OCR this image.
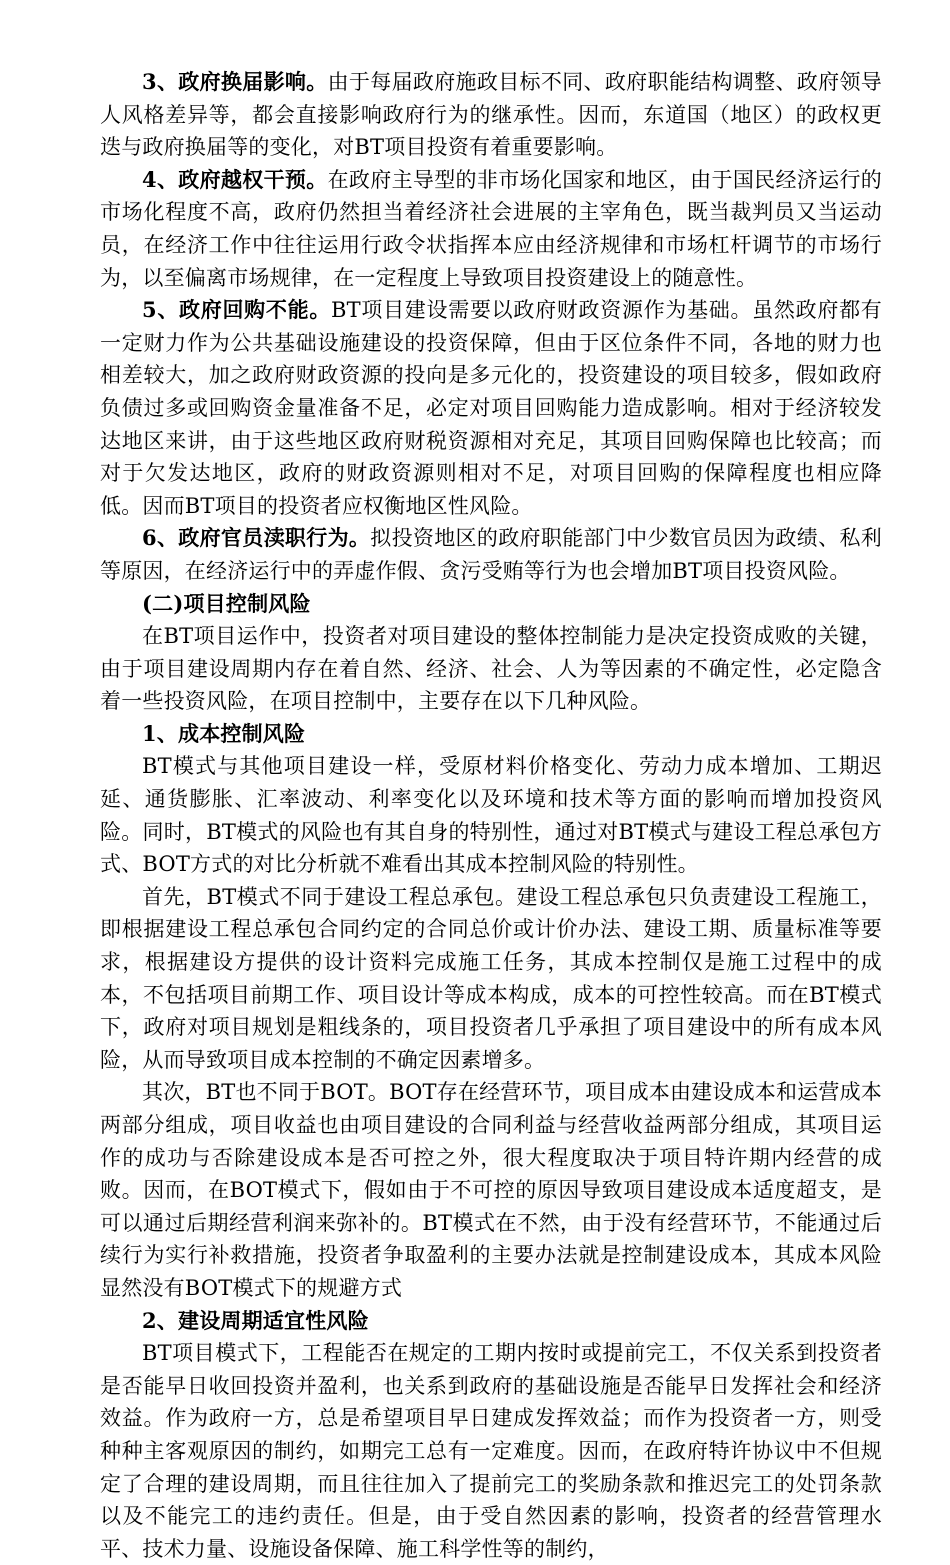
3、政府换届影响。由于每届政府施政目标不同、政府职能结构调整、政府领导人风格差异等，都会直接影响政府行为的继承性。因而，东道国（地区）的政权更迭与政府换届等的变化，对BT项目投资有着重要影响。

4、政府越权干预。在政府主导型的非市场化国家和地区，由于国民经济运行的市场化程度不高，政府仍然担当着经济社会进展的主宰角色，既当裁判员又当运动员，在经济工作中往往运用行政令状指挥本应由经济规律和市场杠杆调节的市场行为，以至偏离市场规律，在一定程度上导致项目投资建设上的随意性。

5、政府回购不能。BT项目建设需要以政府财政资源作为基础。虽然政府都有一定财力作为公共基础设施建设的投资保障，但由于区位条件不同，各地的财力也相差较大，加之政府财政资源的投向是多元化的，投资建设的项目较多，假如政府负债过多或回购资金量准备不足，必定对项目回购能力造成影响。相对于经济较发达地区来讲，由于这些地区政府财税资源相对充足，其项目回购保障也比较高；而对于欠发达地区，政府的财政资源则相对不足，对项目回购的保障程度也相应降低。因而BT项目的投资者应权衡地区性风险。

6、政府官员渎职行为。拟投资地区的政府职能部门中少数官员因为政绩、私利等原因，在经济运行中的弄虚作假、贪污受贿等行为也会增加BT项目投资风险。

(二)项目控制风险

在BT项目运作中，投资者对项目建设的整体控制能力是决定投资成败的关键，由于项目建设周期内存在着自然、经济、社会、人为等因素的不确定性，必定隐含着一些投资风险，在项目控制中，主要存在以下几种风险。

1、成本控制风险

BT模式与其他项目建设一样，受原材料价格变化、劳动力成本增加、工期迟延、通货膨胀、汇率波动、利率变化以及环境和技术等方面的影响而增加投资风险。同时，BT模式的风险也有其自身的特别性，通过对BT模式与建设工程总承包方式、BOT方式的对比分析就不难看出其成本控制风险的特别性。

首先，BT模式不同于建设工程总承包。建设工程总承包只负责建设工程施工，即根据建设工程总承包合同约定的合同总价或计价办法、建设工期、质量标准等要求，根据建设方提供的设计资料完成施工任务，其成本控制仅是施工过程中的成本，不包括项目前期工作、项目设计等成本构成，成本的可控性较高。而在BT模式下，政府对项目规划是粗线条的，项目投资者几乎承担了项目建设中的所有成本风险，从而导致项目成本控制的不确定因素增多。

其次，BT也不同于BOT。BOT存在经营环节，项目成本由建设成本和运营成本两部分组成，项目收益也由项目建设的合同利益与经营收益两部分组成，其项目运作的成功与否除建设成本是否可控之外，很大程度取决于项目特许期内经营的成败。因而，在BOT模式下，假如由于不可控的原因导致项目建设成本适度超支，是可以通过后期经营利润来弥补的。BT模式在不然，由于没有经营环节，不能通过后续行为实行补救措施，投资者争取盈利的主要办法就是控制建设成本，其成本风险显然没有BOT模式下的规避方式

2、建设周期适宜性风险

BT项目模式下，工程能否在规定的工期内按时或提前完工，不仅关系到投资者是否能早日收回投资并盈利，也关系到政府的基础设施是否能早日发挥社会和经济效益。作为政府一方，总是希望项目早日建成发挥效益；而作为投资者一方，则受种种主客观原因的制约，如期完工总有一定难度。因而，在政府特许协议中不但规定了合理的建设周期，而且往往加入了提前完工的奖励条款和推迟完工的处罚条款以及不能完工的违约责任。但是，由于受自然因素的影响，投资者的经营管理水平、技术力量、设施设备保障、施工科学性等的制约，
